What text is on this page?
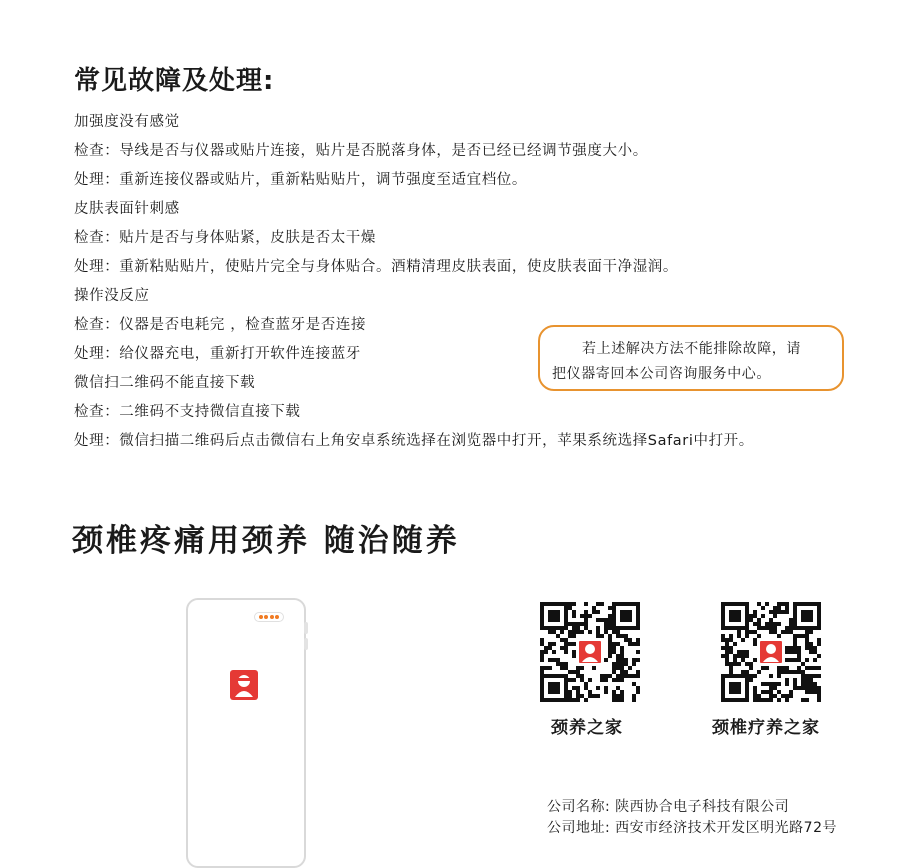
常见故障及处理:
加强度没有感觉
检查：导线是否与仪器或贴片连接，贴片是否脱落身体，是否已经已经调节强度大小。
处理：重新连接仪器或贴片，重新粘贴贴片，调节强度至适宜档位。
皮肤表面针刺感
检查：贴片是否与身体贴紧，皮肤是否太干燥
处理：重新粘贴贴片，使贴片完全与身体贴合。酒精清理皮肤表面，使皮肤表面干净湿润。
操作没反应
检查：仪器是否电耗完 ，检查蓝牙是否连接
处理：给仪器充电，重新打开软件连接蓝牙
微信扫二维码不能直接下载
检查：二维码不支持微信直接下载
处理：微信扫描二维码后点击微信右上角安卓系统选择在浏览器中打开，苹果系统选择Safari中打开。
若上述解决方法不能排除故障，请
把仪器寄回本公司咨询服务中心。
颈椎疼痛用颈养 随治随养
颈养之家	颈椎疗养之家
公司名称: 陕西协合电子科技有限公司
公司地址: 西安市经济技术开发区明光路72号
